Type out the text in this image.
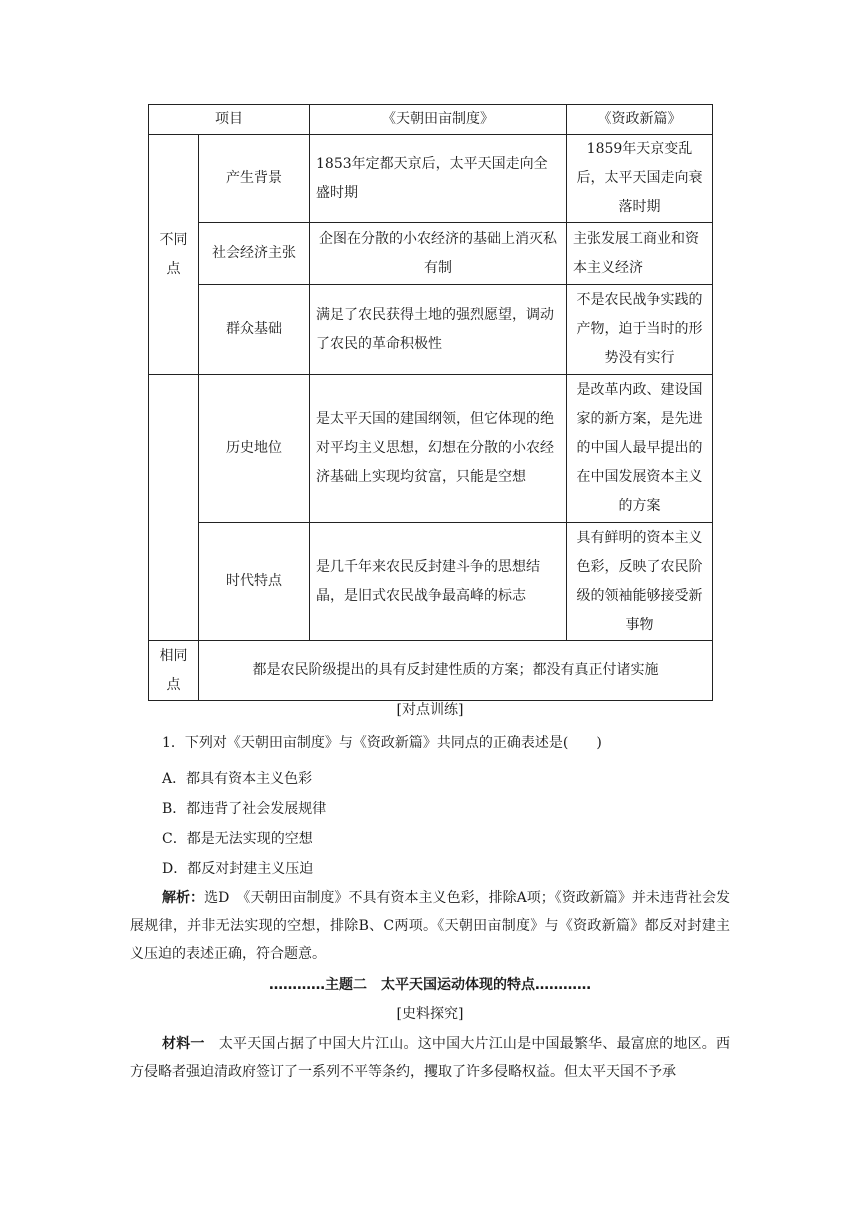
项目		《天朝田亩制度》	《资政新篇》
不同点	产生背景	1853年定都天京后，太平天国走向全盛时期	1859年天京变乱后，太平天国走向衰落时期
	社会经济主张	企图在分散的小农经济的基础上消灭私有制	主张发展工商业和资本主义经济
	群众基础	满足了农民获得土地的强烈愿望，调动了农民的革命积极性	不是农民战争实践的产物，迫于当时的形势没有实行
	历史地位	是太平天国的建国纲领，但它体现的绝对平均主义思想，幻想在分散的小农经济基础上实现均贫富，只能是空想	是改革内政、建设国家的新方案，是先进的中国人最早提出的在中国发展资本主义的方案
	时代特点	是几千年来农民反封建斗争的思想结晶，是旧式农民战争最高峰的标志	具有鲜明的资本主义色彩，反映了农民阶级的领袖能够接受新事物
相同点	都是农民阶级提出的具有反封建性质的方案；都没有真正付诸实施		
[对点训练]
1．下列对《天朝田亩制度》与《资政新篇》共同点的正确表述是(　　)
A．都具有资本主义色彩
B．都违背了社会发展规律
C．都是无法实现的空想
D．都反对封建主义压迫
解析：选D　《天朝田亩制度》不具有资本主义色彩，排除A项；《资政新篇》并未违背社会发展规律，并非无法实现的空想，排除B、C两项。《天朝田亩制度》与《资政新篇》都反对封建主义压迫的表述正确，符合题意。
…………主题二　太平天国运动体现的特点…………
[史料探究]
材料一　太平天国占据了中国大片江山。这中国大片江山是中国最繁华、最富庶的地区。西方侵略者强迫清政府签订了一系列不平等条约，攫取了许多侵略权益。但太平天国不予承
